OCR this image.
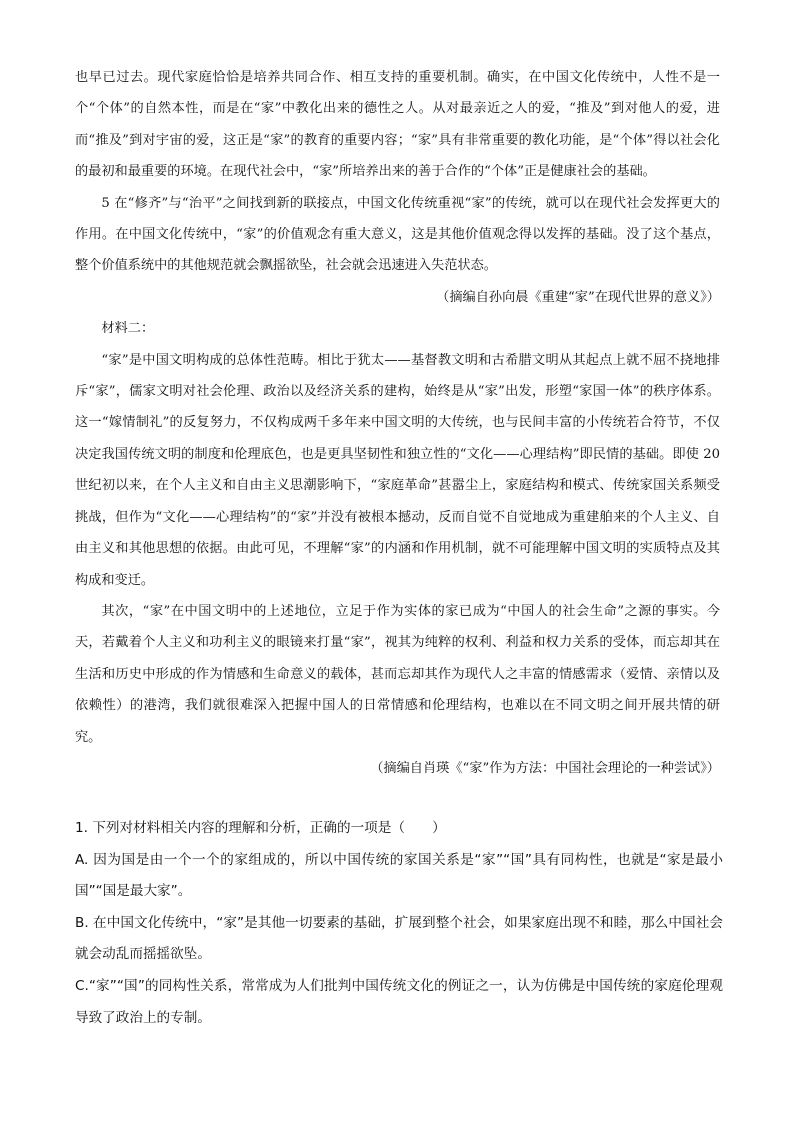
也早已过去。现代家庭恰恰是培养共同合作、相互支持的重要机制。确实，在中国文化传统中，人性不是一个“个体”的自然本性，而是在“家”中教化出来的德性之人。从对最亲近之人的爱，“推及”到对他人的爱，进而“推及”到对宇宙的爱，这正是“家”的教育的重要内容；“家”具有非常重要的教化功能，是“个体”得以社会化的最初和最重要的环境。在现代社会中，“家”所培养出来的善于合作的“个体”正是健康社会的基础。

5 在“修齐”与“治平”之间找到新的联接点，中国文化传统重视“家”的传统，就可以在现代社会发挥更大的作用。在中国文化传统中，“家”的价值观念有重大意义，这是其他价值观念得以发挥的基础。没了这个基点，整个价值系统中的其他规范就会飘摇欲坠，社会就会迅速进入失范状态。

（摘编自孙向晨《重建“家”在现代世界的意义》）

材料二：

“家”是中国文明构成的总体性范畴。相比于犹太——基督教文明和古希腊文明从其起点上就不屈不挠地排斥“家”，儒家文明对社会伦理、政治以及经济关系的建构，始终是从“家”出发，形塑“家国一体”的秩序体系。这一“嫁情制礼”的反复努力，不仅构成两千多年来中国文明的大传统，也与民间丰富的小传统若合符节，不仅决定我国传统文明的制度和伦理底色，也是更具坚韧性和独立性的“文化——心理结构”即民情的基础。即使 20 世纪初以来，在个人主义和自由主义思潮影响下，“家庭革命”甚嚣尘上，家庭结构和模式、传统家国关系频受挑战，但作为“文化——心理结构”的“家”并没有被根本撼动，反而自觉不自觉地成为重建舶来的个人主义、自由主义和其他思想的依据。由此可见，不理解“家”的内涵和作用机制，就不可能理解中国文明的实质特点及其构成和变迁。

其次，“家”在中国文明中的上述地位，立足于作为实体的家已成为“中国人的社会生命”之源的事实。今天，若戴着个人主义和功利主义的眼镜来打量“家”，视其为纯粹的权利、利益和权力关系的受体，而忘却其在生活和历史中形成的作为情感和生命意义的载体，甚而忘却其作为现代人之丰富的情感需求（爱情、亲情以及依赖性）的港湾，我们就很难深入把握中国人的日常情感和伦理结构，也难以在不同文明之间开展共情的研究。

（摘编自肖瑛《“家”作为方法：中国社会理论的一种尝试》）

1. 下列对材料相关内容的理解和分析，正确的一项是（　　）

A. 因为国是由一个一个的家组成的，所以中国传统的家国关系是“家”“国”具有同构性，也就是“家是最小国”“国是最大家”。

B. 在中国文化传统中，“家”是其他一切要素的基础，扩展到整个社会，如果家庭出现不和睦，那么中国社会就会动乱而摇摇欲坠。

C.“家”“国”的同构性关系，常常成为人们批判中国传统文化的例证之一，认为仿佛是中国传统的家庭伦理观导致了政治上的专制。
